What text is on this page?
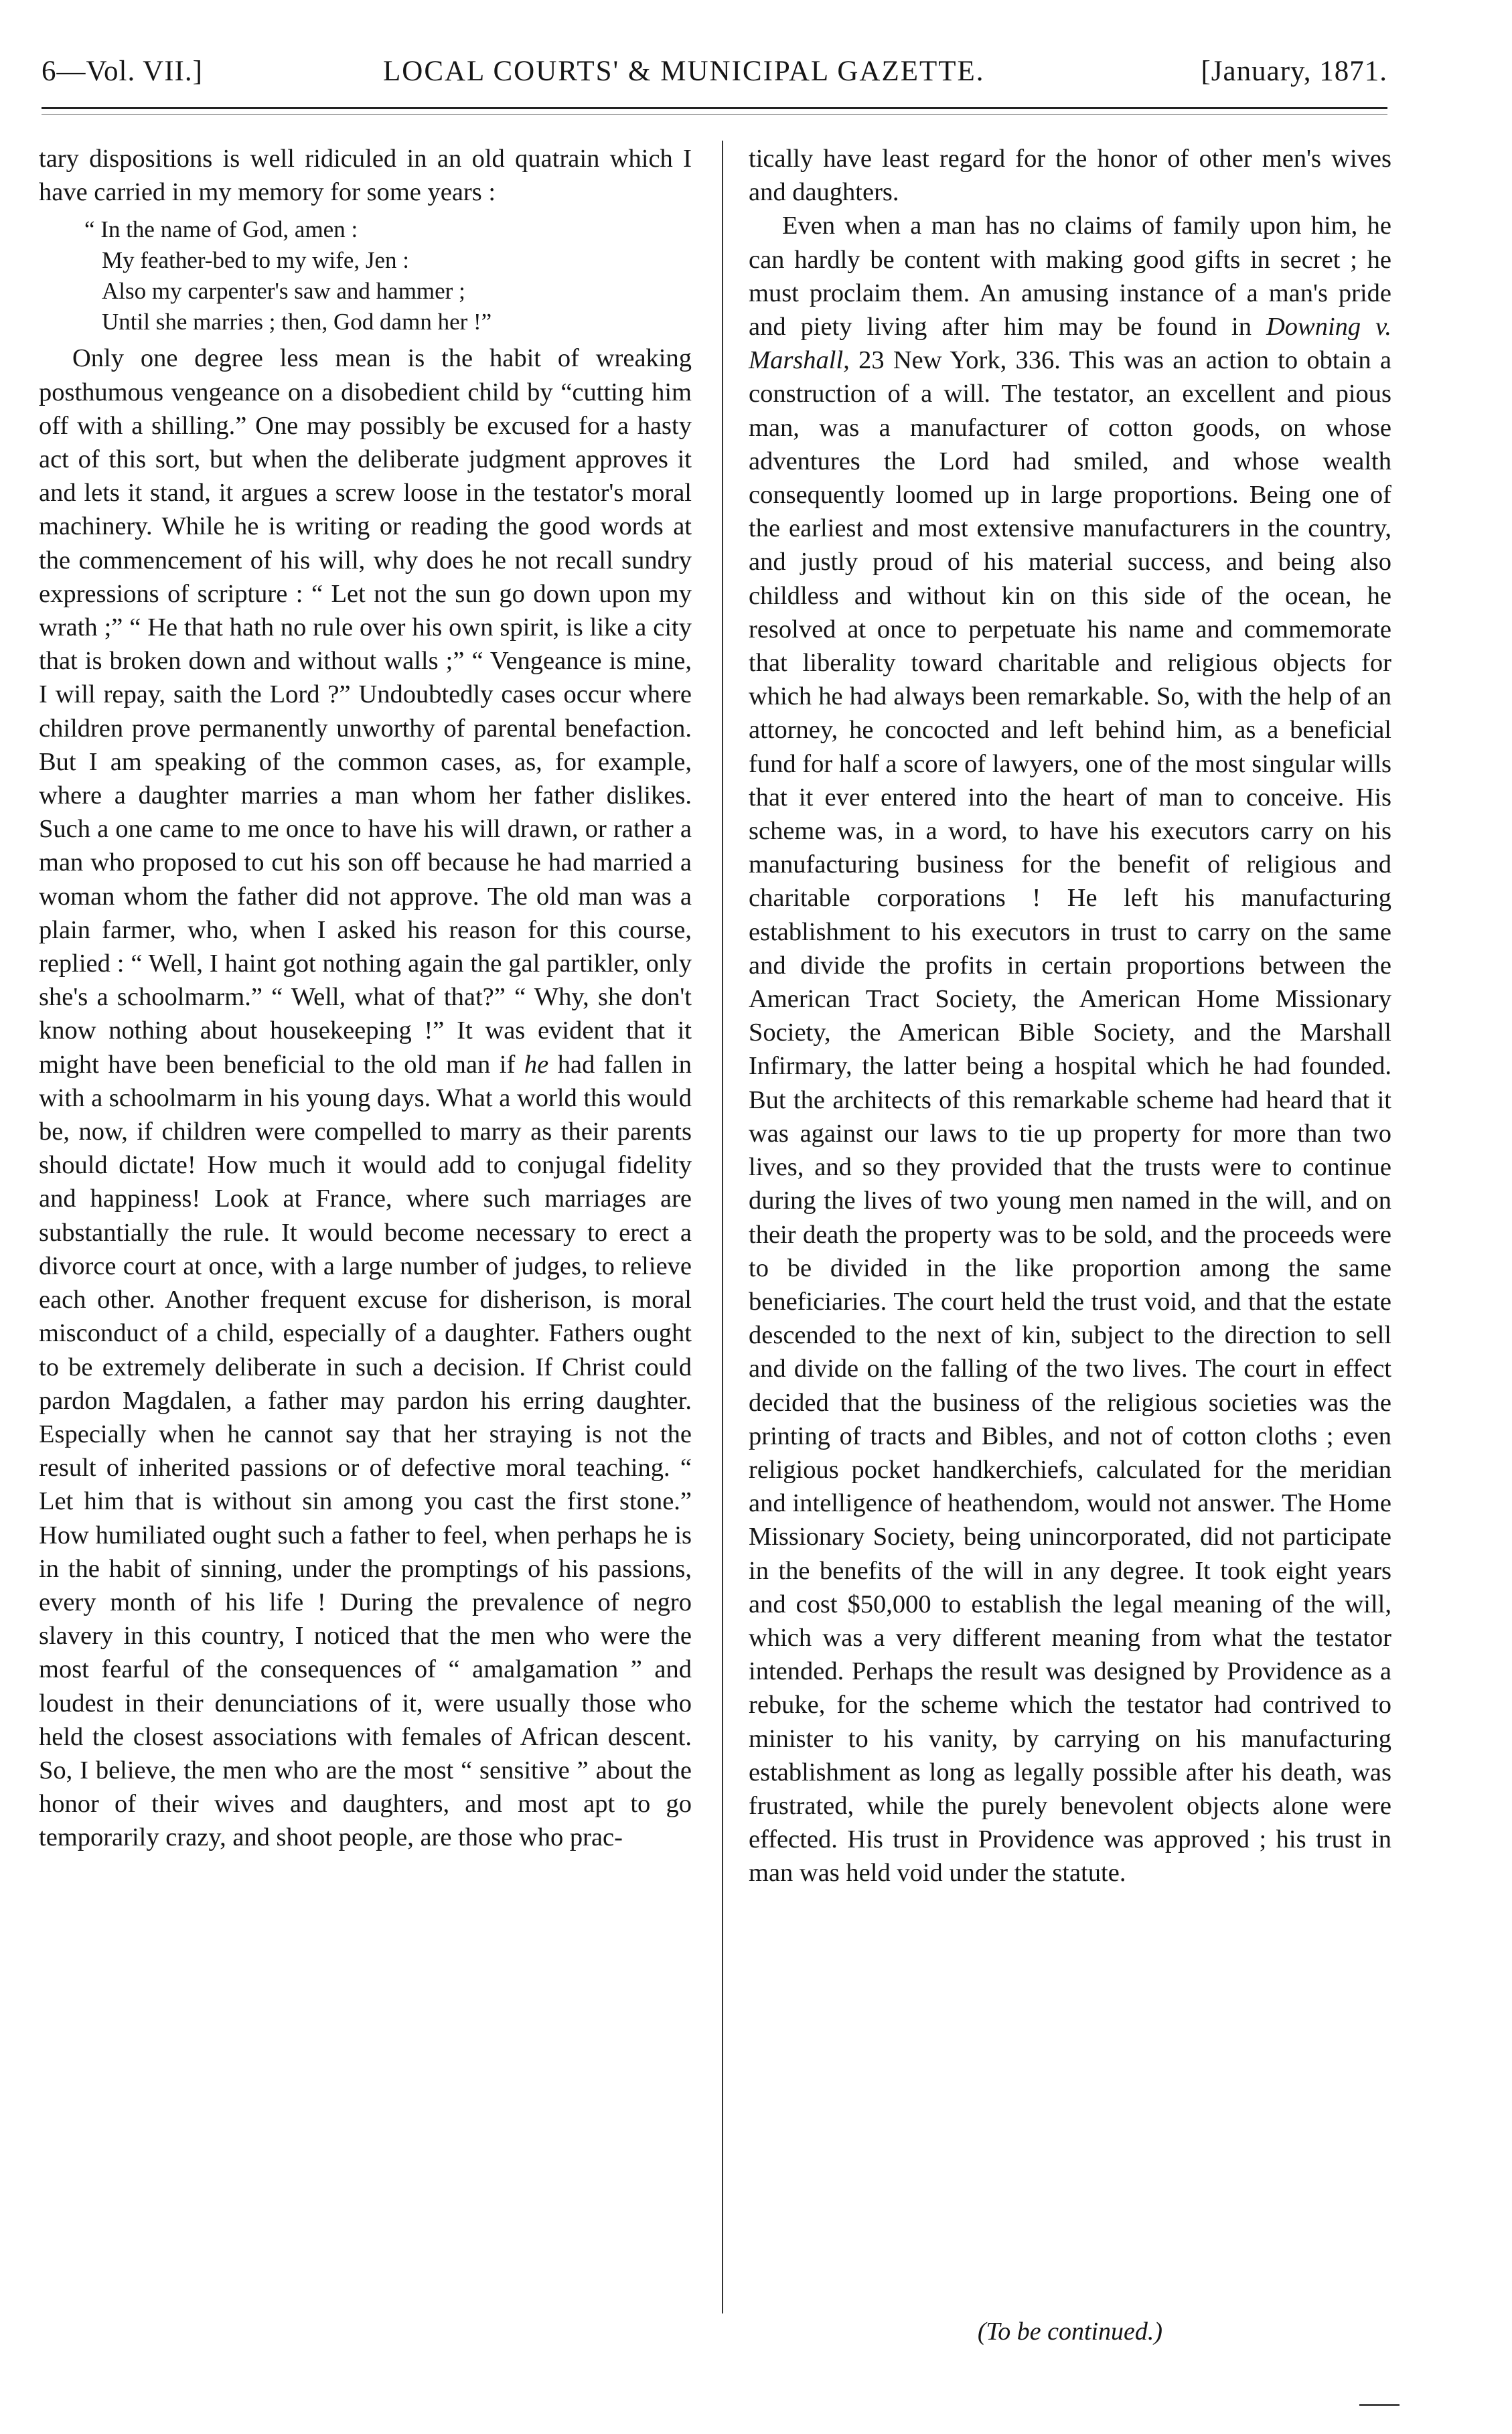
6—Vol. VII.]	LOCAL COURTS' & MUNICIPAL GAZETTE.	[January, 1871.

tary dispositions is well ridiculed in an old quatrain which I have carried in my memory for some years :

“ In the name of God, amen :
My feather-bed to my wife, Jen :
Also my carpenter's saw and hammer ;
Until she marries ; then, God damn her !”

Only one degree less mean is the habit of wreaking posthumous vengeance on a disobedient child by “cutting him off with a shilling.” One may possibly be excused for a hasty act of this sort, but when the deliberate judgment approves it and lets it stand, it argues a screw loose in the testator's moral machinery. While he is writing or reading the good words at the commencement of his will, why does he not recall sundry expressions of scripture : “ Let not the sun go down upon my wrath ;” “ He that hath no rule over his own spirit, is like a city that is broken down and without walls ;” “ Vengeance is mine, I will repay, saith the Lord ?” Undoubtedly cases occur where children prove permanently unworthy of parental benefaction. But I am speaking of the common cases, as, for example, where a daughter marries a man whom her father dislikes. Such a one came to me once to have his will drawn, or rather a man who proposed to cut his son off because he had married a woman whom the father did not approve. The old man was a plain farmer, who, when I asked his reason for this course, replied : “ Well, I haint got nothing again the gal partikler, only she's a schoolmarm.” “ Well, what of that?” “ Why, she don't know nothing about housekeeping !” It was evident that it might have been beneficial to the old man if he had fallen in with a schoolmarm in his young days. What a world this would be, now, if children were compelled to marry as their parents should dictate! How much it would add to conjugal fidelity and happiness! Look at France, where such marriages are substantially the rule. It would become necessary to erect a divorce court at once, with a large number of judges, to relieve each other. Another frequent excuse for disherison, is moral misconduct of a child, especially of a daughter. Fathers ought to be extremely deliberate in such a decision. If Christ could pardon Magdalen, a father may pardon his erring daughter. Especially when he cannot say that her straying is not the result of inherited passions or of defective moral teaching. “ Let him that is without sin among you cast the first stone.” How humiliated ought such a father to feel, when perhaps he is in the habit of sinning, under the promptings of his passions, every month of his life ! During the prevalence of negro slavery in this country, I noticed that the men who were the most fearful of the consequences of “ amalgamation ” and loudest in their denunciations of it, were usually those who held the closest associations with females of African descent. So, I believe, the men who are the most “ sensitive ” about the honor of their wives and daughters, and most apt to go temporarily crazy, and shoot people, are those who prac-

tically have least regard for the honor of other men's wives and daughters.

Even when a man has no claims of family upon him, he can hardly be content with making good gifts in secret ; he must proclaim them. An amusing instance of a man's pride and piety living after him may be found in Downing v. Marshall, 23 New York, 336. This was an action to obtain a construction of a will. The testator, an excellent and pious man, was a manufacturer of cotton goods, on whose adventures the Lord had smiled, and whose wealth consequently loomed up in large proportions. Being one of the earliest and most extensive manufacturers in the country, and justly proud of his material success, and being also childless and without kin on this side of the ocean, he resolved at once to perpetuate his name and commemorate that liberality toward charitable and religious objects for which he had always been remarkable. So, with the help of an attorney, he concocted and left behind him, as a beneficial fund for half a score of lawyers, one of the most singular wills that it ever entered into the heart of man to conceive. His scheme was, in a word, to have his executors carry on his manufacturing business for the benefit of religious and charitable corporations ! He left his manufacturing establishment to his executors in trust to carry on the same and divide the profits in certain proportions between the American Tract Society, the American Home Missionary Society, the American Bible Society, and the Marshall Infirmary, the latter being a hospital which he had founded. But the architects of this remarkable scheme had heard that it was against our laws to tie up property for more than two lives, and so they provided that the trusts were to continue during the lives of two young men named in the will, and on their death the property was to be sold, and the proceeds were to be divided in the like proportion among the same beneficiaries. The court held the trust void, and that the estate descended to the next of kin, subject to the direction to sell and divide on the falling of the two lives. The court in effect decided that the business of the religious societies was the printing of tracts and Bibles, and not of cotton cloths ; even religious pocket handkerchiefs, calculated for the meridian and intelligence of heathendom, would not answer. The Home Missionary Society, being unincorporated, did not participate in the benefits of the will in any degree. It took eight years and cost $50,000 to establish the legal meaning of the will, which was a very different meaning from what the testator intended. Perhaps the result was designed by Providence as a rebuke, for the scheme which the testator had contrived to minister to his vanity, by carrying on his manufacturing establishment as long as legally possible after his death, was frustrated, while the purely benevolent objects alone were effected. His trust in Providence was approved ; his trust in man was held void under the statute.

(To be continued.)
